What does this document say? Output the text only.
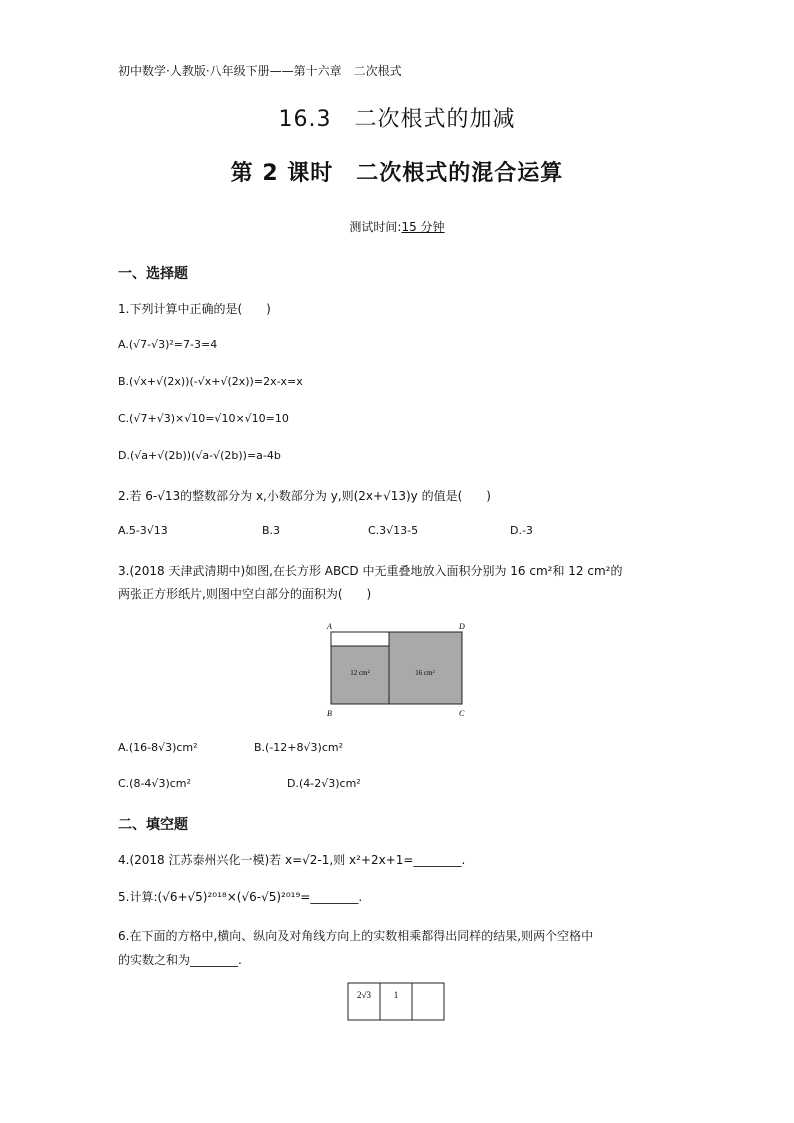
初中数学·人教版·八年级下册——第十六章　二次根式
16.3　二次根式的加减
第 2 课时　二次根式的混合运算
测试时间:15 分钟
一、选择题
1.下列计算中正确的是(　　)
A.(√7-√3)²=7-3=4
B.(√x+√(2x))(-√x+√(2x))=2x-x=x
C.(√7+√3)×√10=√10×√10=10
D.(√a+√(2b))(√a-√(2b))=a-4b
2.若 6-√13的整数部分为 x,小数部分为 y,则(2x+√13)y 的值是(　　)
A.5-3√13	B.3	C.3√13-5	D.-3
3.(2018 天津武清期中)如图,在长方形 ABCD 中无重叠地放入面积分别为 16 cm²和 12 cm²的
两张正方形纸片,则图中空白部分的面积为(　　)
A
B	C
D
12 cm²	16 cm²
A.(16-8√3)cm²	B.(-12+8√3)cm²
C.(8-4√3)cm²	D.(4-2√3)cm²
二、填空题
4.(2018 江苏泰州兴化一模)若 x=√2-1,则 x²+2x+1=________.
5.计算:(√6+√5)²⁰¹⁸×(√6-√5)²⁰¹⁹=________.
6.在下面的方格中,横向、纵向及对角线方向上的实数相乘都得出同样的结果,则两个空格中
的实数之和为________.
2√3	1
